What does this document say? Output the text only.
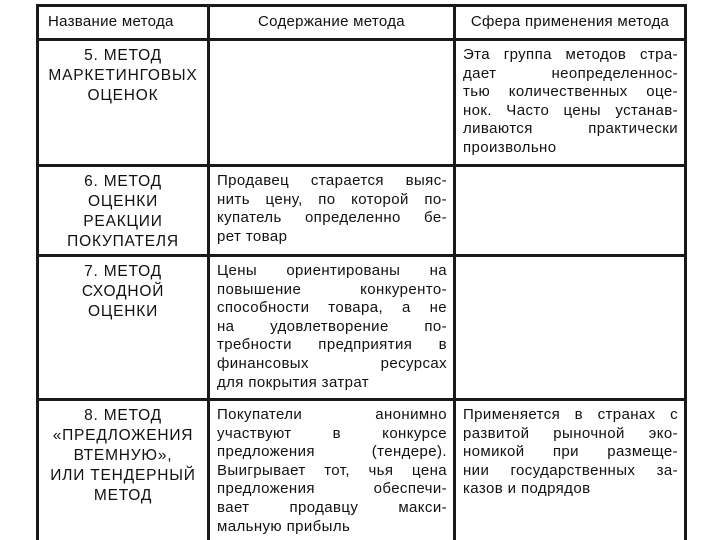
Название метода	Содержание метода	Сфера применения метода
5. МЕТОД
МАРКЕТИНГОВЫХ
ОЦЕНОК
Эта группа методов стра-
дает неопределеннос-
тью количественных оце-
нок. Часто цены устанав-
ливаются практически
произвольно
6. МЕТОД
ОЦЕНКИ
РЕАКЦИИ
ПОКУПАТЕЛЯ
Продавец старается выяс-
нить цену, по которой по-
купатель определенно бе-
рет товар
7. МЕТОД
СХОДНОЙ
ОЦЕНКИ
Цены ориентированы на
повышение конкуренто-
способности товара, а не
на удовлетворение по-
требности предприятия в
финансовых ресурсах
для покрытия затрат
8. МЕТОД
«ПРЕДЛОЖЕНИЯ
ВТЕМНУЮ»,
ИЛИ ТЕНДЕРНЫЙ
МЕТОД
Покупатели анонимно
участвуют в конкурсе
предложения (тендере).
Выигрывает тот, чья цена
предложения обеспечи-
вает продавцу макси-
мальную прибыль
Применяется в странах с
развитой рыночной эко-
номикой при размеще-
нии государственных за-
казов и подрядов
